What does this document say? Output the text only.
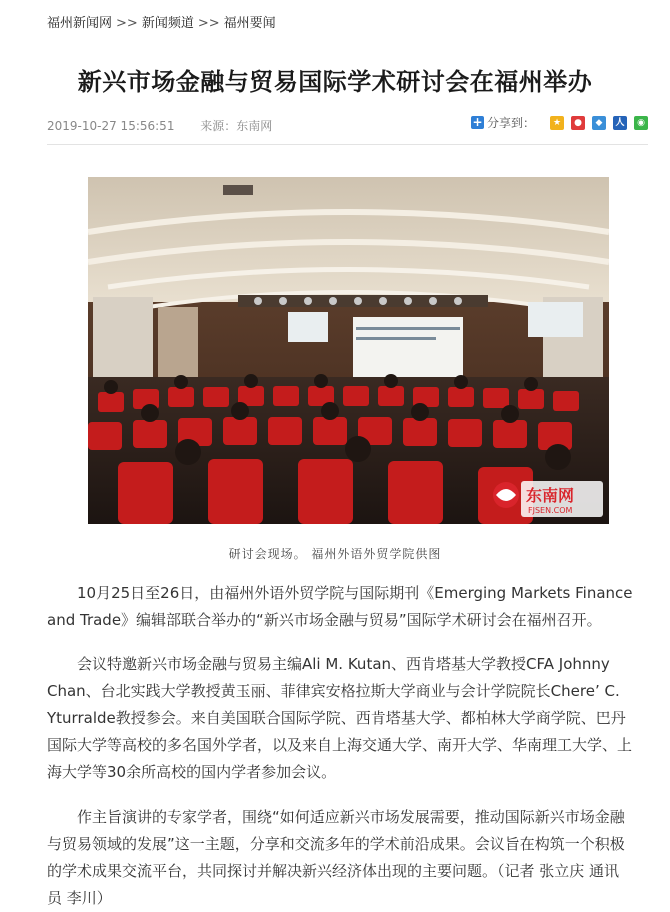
福州新闻网 >> 新闻频道 >> 福州要闻
新兴市场金融与贸易国际学术研讨会在福州举办
2019-10-27 15:56:51 来源：东南网	+ 分享到：	★	●	◆	人	◉
东南网
FJSEN.COM
研讨会现场。 福州外语外贸学院供图

10月25日至26日，由福州外语外贸学院与国际期刊《Emerging Markets Finance and Trade》编辑部联合举办的“新兴市场金融与贸易”国际学术研讨会在福州召开。

会议特邀新兴市场金融与贸易主编Ali M. Kutan、西肯塔基大学教授CFA Johnny Chan、台北实践大学教授黄玉丽、菲律宾安格拉斯大学商业与会计学院院长Chere’ C. Yturralde教授参会。来自美国联合国际学院、西肯塔基大学、都柏林大学商学院、巴丹国际大学等高校的多名国外学者，以及来自上海交通大学、南开大学、华南理工大学、上海大学等30余所高校的国内学者参加会议。

作主旨演讲的专家学者，围绕“如何适应新兴市场发展需要，推动国际新兴市场金融与贸易领域的发展”这一主题，分享和交流多年的学术前沿成果。会议旨在构筑一个积极的学术成果交流平台，共同探讨并解决新兴经济体出现的主要问题。（记者 张立庆 通讯员 李川）
